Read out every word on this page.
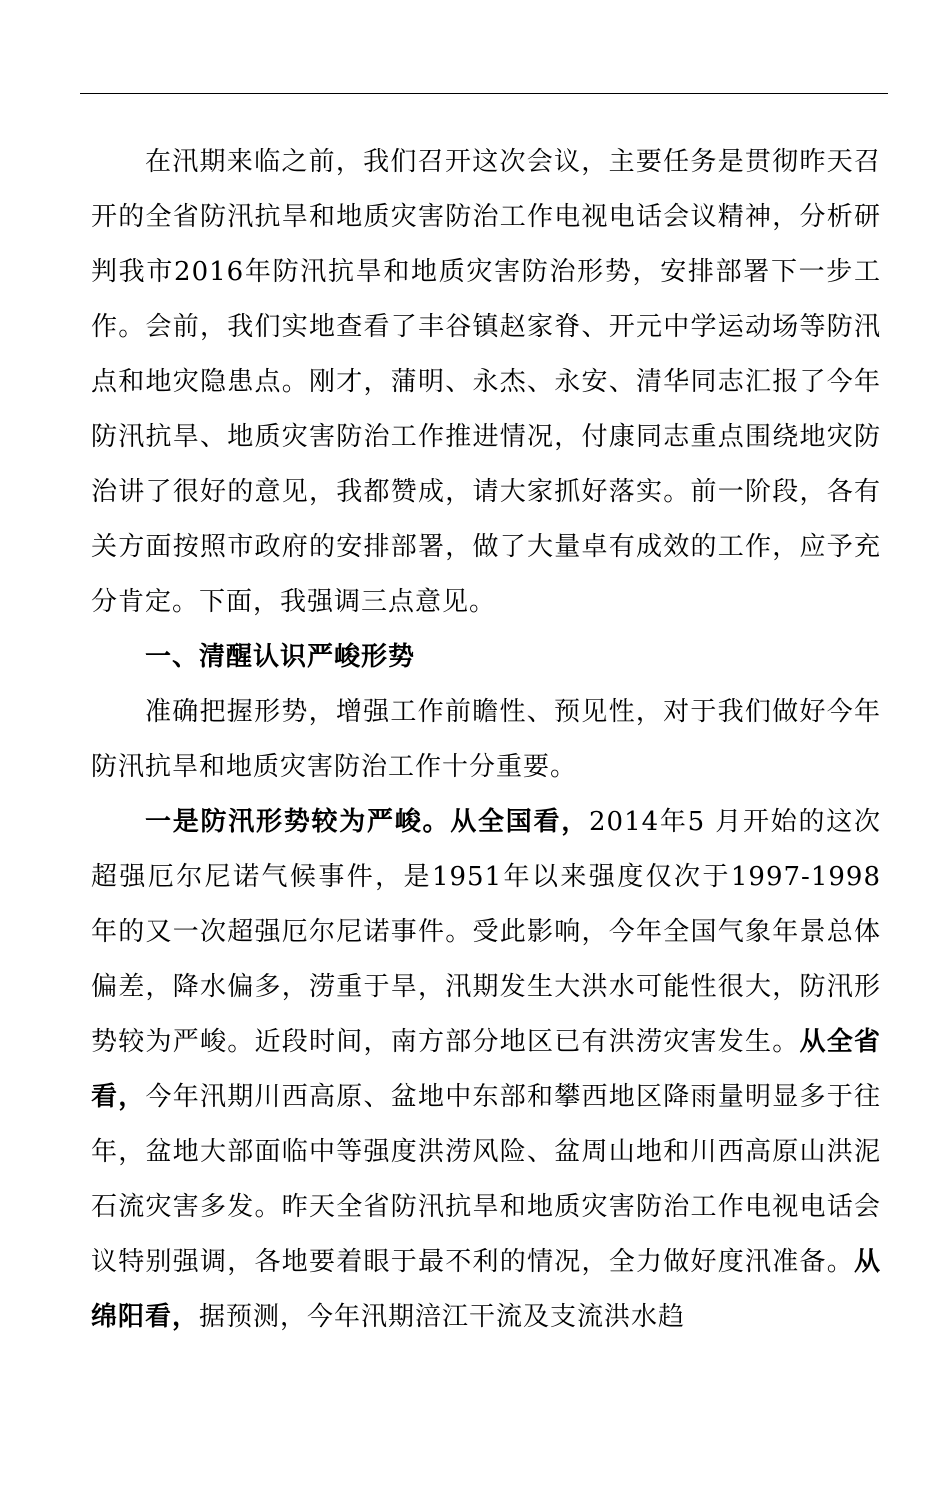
在汛期来临之前，我们召开这次会议，主要任务是贯彻昨天召开的全省防汛抗旱和地质灾害防治工作电视电话会议精神，分析研判我市2016年防汛抗旱和地质灾害防治形势，安排部署下一步工作。会前，我们实地查看了丰谷镇赵家脊、开元中学运动场等防汛点和地灾隐患点。刚才，蒲明、永杰、永安、清华同志汇报了今年防汛抗旱、地质灾害防治工作推进情况，付康同志重点围绕地灾防治讲了很好的意见，我都赞成，请大家抓好落实。前一阶段，各有关方面按照市政府的安排部署，做了大量卓有成效的工作，应予充分肯定。下面，我强调三点意见。

一、清醒认识严峻形势

准确把握形势，增强工作前瞻性、预见性，对于我们做好今年防汛抗旱和地质灾害防治工作十分重要。

一是防汛形势较为严峻。从全国看，2014年5 月开始的这次超强厄尔尼诺气候事件，是1951年以来强度仅次于1997-1998 年的又一次超强厄尔尼诺事件。受此影响，今年全国气象年景总体偏差，降水偏多，涝重于旱，汛期发生大洪水可能性很大，防汛形势较为严峻。近段时间，南方部分地区已有洪涝灾害发生。从全省看，今年汛期川西高原、盆地中东部和攀西地区降雨量明显多于往年，盆地大部面临中等强度洪涝风险、盆周山地和川西高原山洪泥石流灾害多发。昨天全省防汛抗旱和地质灾害防治工作电视电话会议特别强调，各地要着眼于最不利的情况，全力做好度汛准备。从绵阳看，据预测，今年汛期涪江干流及支流洪水趋
